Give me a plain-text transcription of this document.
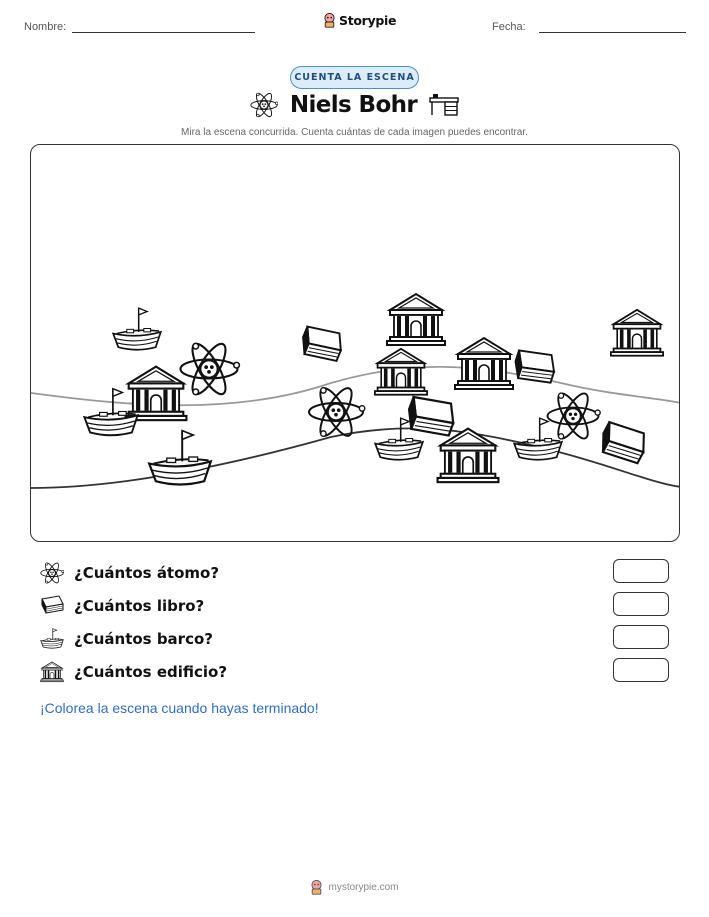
Nombre:	Storypie	Fecha:
CUENTA LA ESCENA
Niels Bohr
Mira la escena concurrida. Cuenta cuántas de cada imagen puedes encontrar.
¿Cuántos átomo?
¿Cuántos libro?
¿Cuántos barco?
¿Cuántos edificio?
¡Colorea la escena cuando hayas terminado!
mystorypie.com
